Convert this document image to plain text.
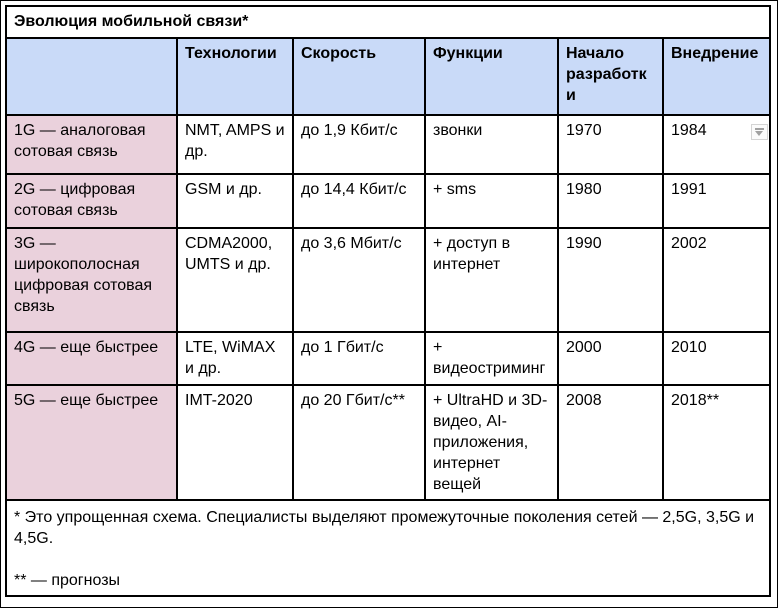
Эволюция мобильной связи*					
	Технологии	Скорость	Функции	Начало разработки	Внедрение
1G — аналоговая сотовая связь	NMT, AMPS и др.	до 1,9 Кбит/с	звонки	1970	1984
2G — цифровая сотовая связь	GSM и др.	до 14,4 Кбит/с	+ sms	1980	1991
3G — широкополосная цифровая сотовая связь	CDMA2000, UMTS и др.	до 3,6 Мбит/с	+ доступ в интернет	1990	2002
4G — еще быстрее	LTE, WiMAX и др.	до 1 Гбит/с	+ видеостриминг	2000	2010
5G — еще быстрее	IMT-2020	до 20 Гбит/с**	+ UltraHD и 3D-видео, AI-приложения, интернет вещей	2008	2018**

* Это упрощенная схема. Специалисты выделяют промежуточные поколения сетей — 2,5G, 3,5G и 4,5G.

** — прогнозы					
